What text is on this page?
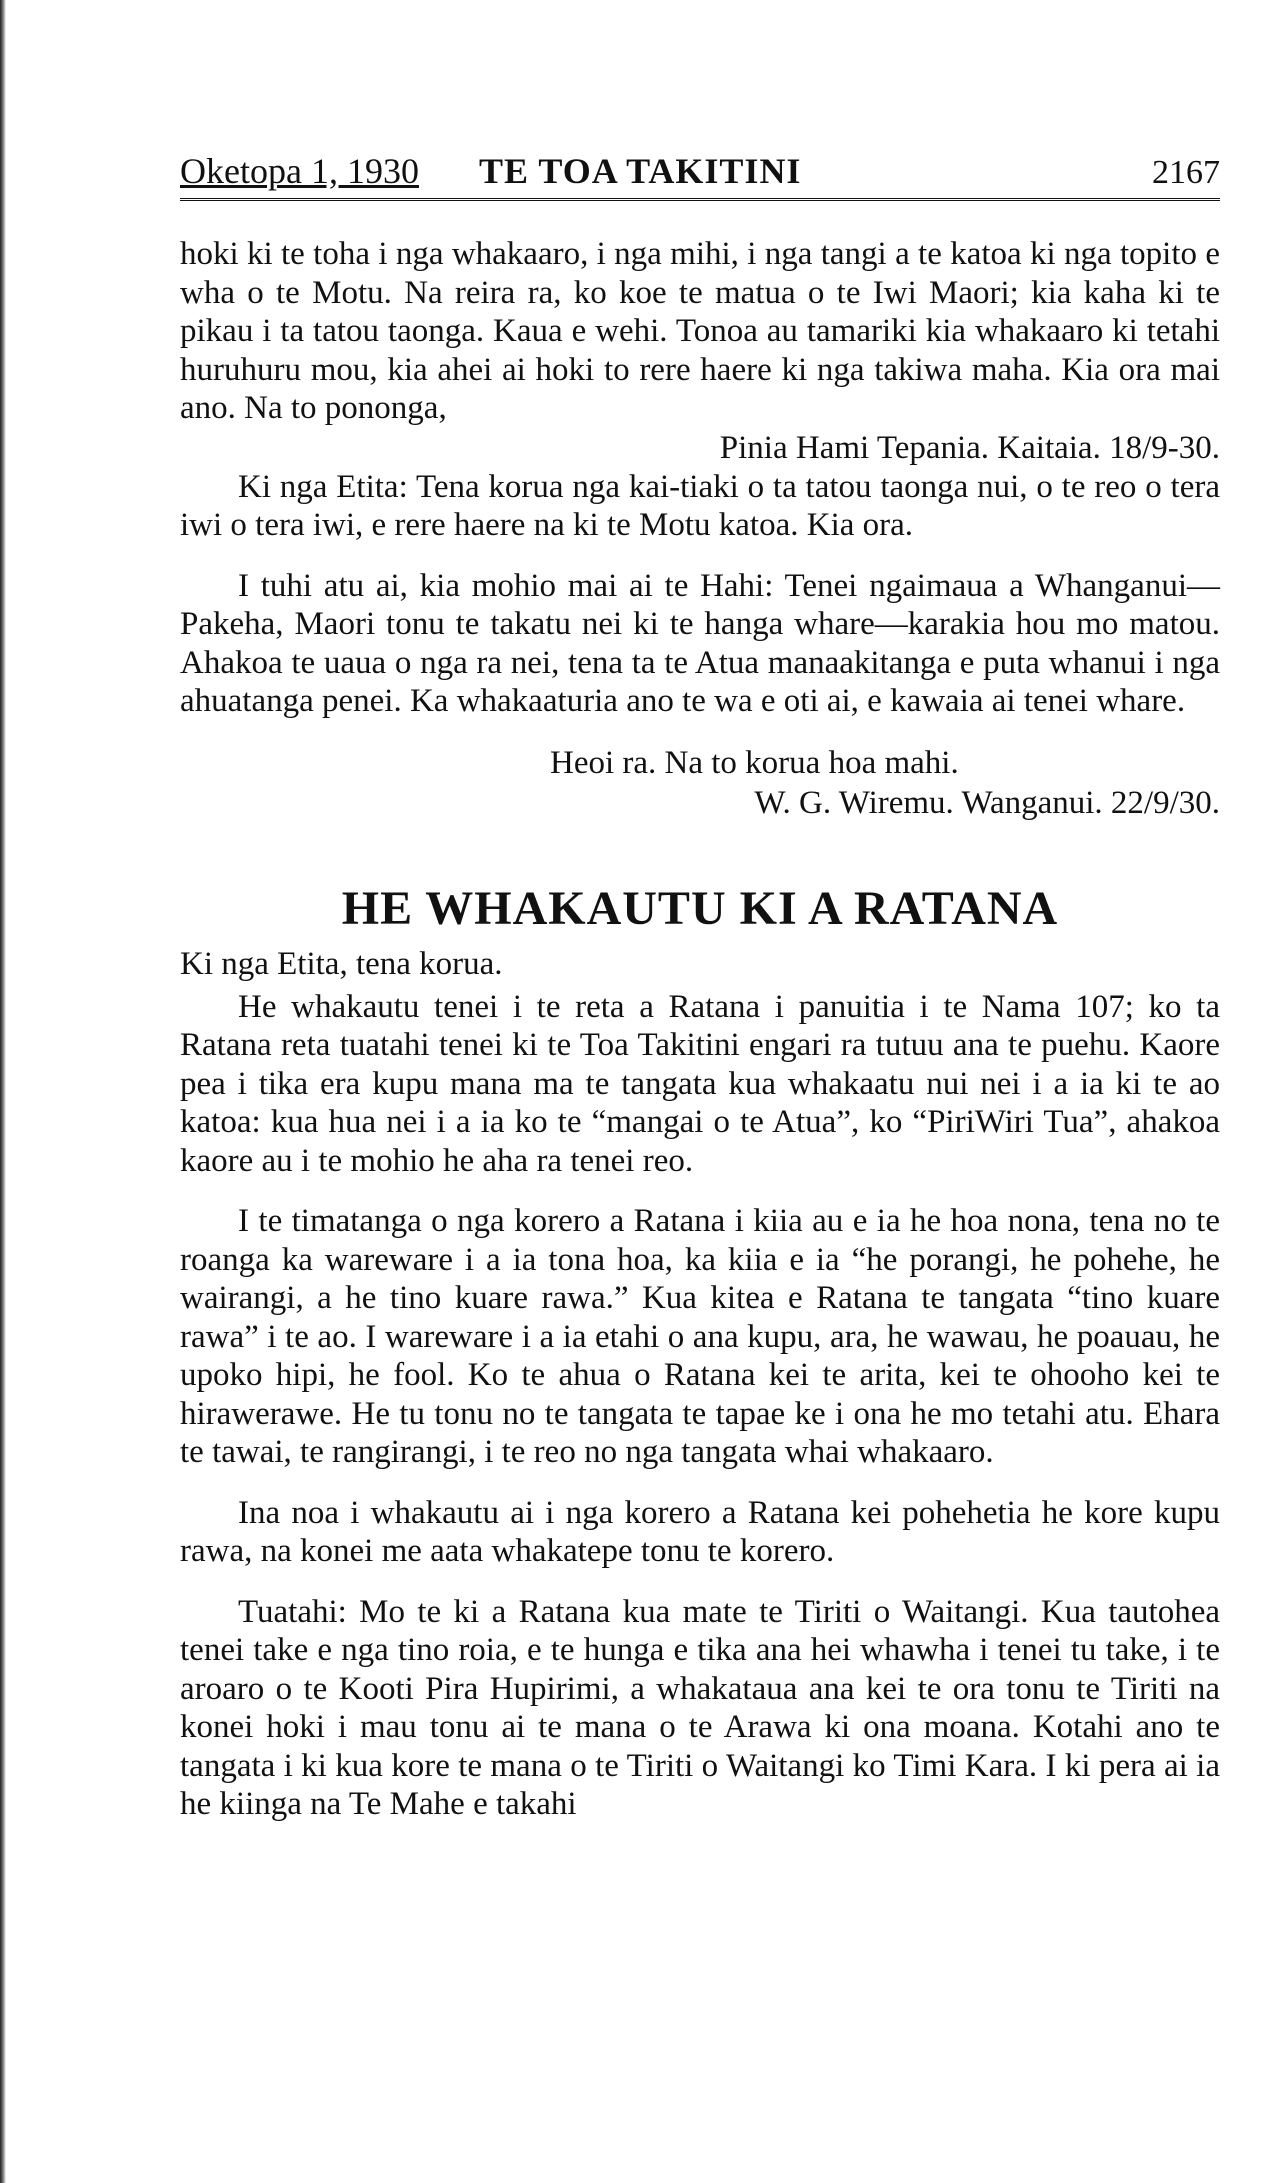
Oketopa 1, 1930 TE TOA TAKITINI	2167

hoki ki te toha i nga whakaaro, i nga mihi, i nga tangi a te katoa ki nga topito e wha o te Motu. Na reira ra, ko koe te matua o te Iwi Maori; kia kaha ki te pikau i ta tatou taonga. Kaua e wehi. Tonoa au tamariki kia whakaaro ki tetahi huruhuru mou, kia ahei ai hoki to rere haere ki nga takiwa maha. Kia ora mai ano. Na to pononga,

Pinia Hami Tepania. Kaitaia. 18/9-30.

Ki nga Etita: Tena korua nga kai-tiaki o ta tatou taonga nui, o te reo o tera iwi o tera iwi, e rere haere na ki te Motu katoa. Kia ora.

I tuhi atu ai, kia mohio mai ai te Hahi: Tenei ngaimaua a Whanganui—Pakeha, Maori tonu te takatu nei ki te hanga whare—karakia hou mo matou. Ahakoa te uaua o nga ra nei, tena ta te Atua manaakitanga e puta whanui i nga ahuatanga penei. Ka whakaaturia ano te wa e oti ai, e kawaia ai tenei whare.

Heoi ra. Na to korua hoa mahi.
W. G. Wiremu. Wanganui. 22/9/30.
HE WHAKAUTU KI A RATANA
Ki nga Etita, tena korua.

He whakautu tenei i te reta a Ratana i panuitia i te Nama 107; ko ta Ratana reta tuatahi tenei ki te Toa Takitini engari ra tutuu ana te puehu. Kaore pea i tika era kupu mana ma te tangata kua whakaatu nui nei i a ia ki te ao katoa: kua hua nei i a ia ko te “mangai o te Atua”, ko “PiriWiri Tua”, ahakoa kaore au i te mohio he aha ra tenei reo.

I te timatanga o nga korero a Ratana i kiia au e ia he hoa nona, tena no te roanga ka wareware i a ia tona hoa, ka kiia e ia “he porangi, he pohehe, he wairangi, a he tino kuare rawa.” Kua kitea e Ratana te tangata “tino kuare rawa” i te ao. I wareware i a ia etahi o ana kupu, ara, he wawau, he poauau, he upoko hipi, he fool. Ko te ahua o Ratana kei te arita, kei te ohooho kei te hirawerawe. He tu tonu no te tangata te tapae ke i ona he mo tetahi atu. Ehara te tawai, te rangirangi, i te reo no nga tangata whai whakaaro.

Ina noa i whakautu ai i nga korero a Ratana kei pohehetia he kore kupu rawa, na konei me aata whakatepe tonu te korero.

Tuatahi: Mo te ki a Ratana kua mate te Tiriti o Waitangi. Kua tautohea tenei take e nga tino roia, e te hunga e tika ana hei whawha i tenei tu take, i te aroaro o te Kooti Pira Hupirimi, a whakataua ana kei te ora tonu te Tiriti na konei hoki i mau tonu ai te mana o te Arawa ki ona moana. Kotahi ano te tangata i ki kua kore te mana o te Tiriti o Waitangi ko Timi Kara. I ki pera ai ia he kiinga na Te Mahe e takahi
